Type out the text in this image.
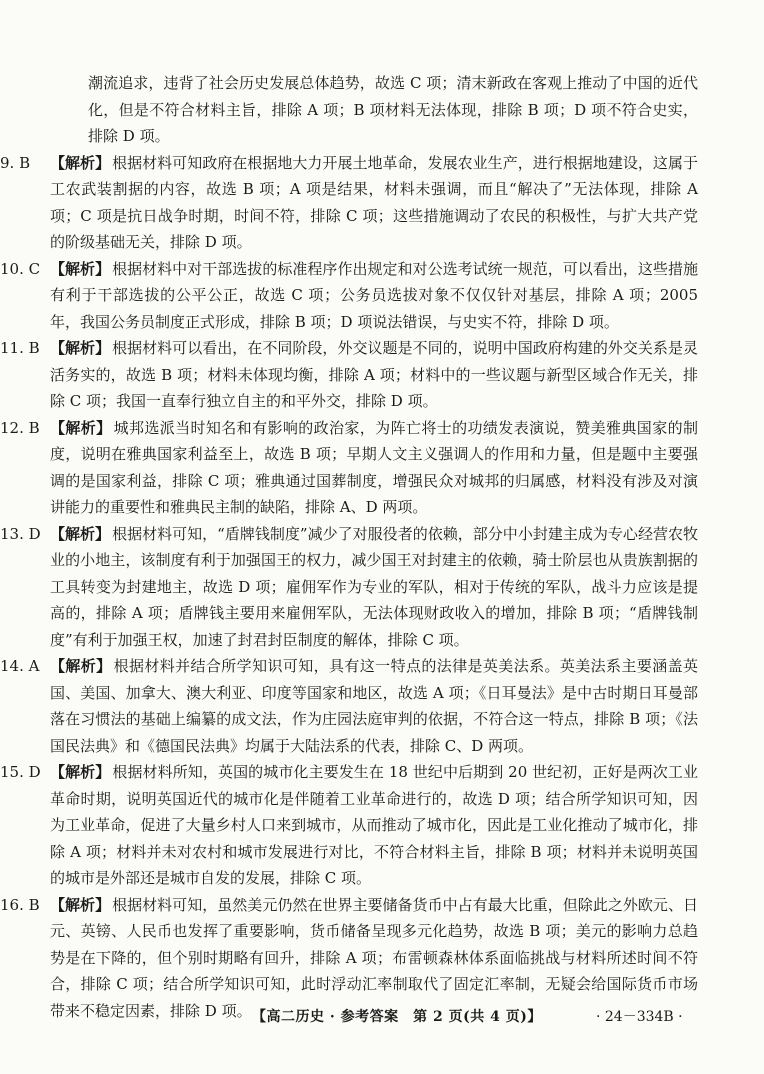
潮流追求，违背了社会历史发展总体趋势，故选 C 项；清末新政在客观上推动了中国的近代化，但是不符合材料主旨，排除 A 项；B 项材料无法体现，排除 B 项；D 项不符合史实，排除 D 项。

9. B	【解析】 根据材料可知政府在根据地大力开展土地革命，发展农业生产，进行根据地建设，这属于工农武装割据的内容，故选 B 项；A 项是结果，材料未强调，而且“解决了”无法体现，排除 A 项；C 项是抗日战争时期，时间不符，排除 C 项；这些措施调动了农民的积极性，与扩大共产党的阶级基础无关，排除 D 项。
10. C 【解析】 根据材料中对干部选拔的标准程序作出规定和对公选考试统一规范，可以看出，这些措施有利于干部选拔的公平公正，故选 C 项；公务员选拔对象不仅仅针对基层，排除 A 项；2005 年，我国公务员制度正式形成，排除 B 项；D 项说法错误，与史实不符，排除 D 项。
11. B 【解析】 根据材料可以看出，在不同阶段，外交议题是不同的，说明中国政府构建的外交关系是灵活务实的，故选 B 项；材料未体现均衡，排除 A 项；材料中的一些议题与新型区域合作无关，排除 C 项；我国一直奉行独立自主的和平外交，排除 D 项。
12. B 【解析】 城邦选派当时知名和有影响的政治家，为阵亡将士的功绩发表演说，赞美雅典国家的制度，说明在雅典国家利益至上，故选 B 项；早期人文主义强调人的作用和力量，但是题中主要强调的是国家利益，排除 C 项；雅典通过国葬制度，增强民众对城邦的归属感，材料没有涉及对演讲能力的重要性和雅典民主制的缺陷，排除 A、D 两项。
13. D 【解析】 根据材料可知，“盾牌钱制度”减少了对服役者的依赖，部分中小封建主成为专心经营农牧业的小地主，该制度有利于加强国王的权力，减少国王对封建主的依赖，骑士阶层也从贵族割据的工具转变为封建地主，故选 D 项；雇佣军作为专业的军队，相对于传统的军队，战斗力应该是提高的，排除 A 项；盾牌钱主要用来雇佣军队，无法体现财政收入的增加，排除 B 项；“盾牌钱制度”有利于加强王权，加速了封君封臣制度的解体，排除 C 项。
14. A 【解析】 根据材料并结合所学知识可知，具有这一特点的法律是英美法系。英美法系主要涵盖英国、美国、加拿大、澳大利亚、印度等国家和地区，故选 A 项；《日耳曼法》是中古时期日耳曼部落在习惯法的基础上编纂的成文法，作为庄园法庭审判的依据，不符合这一特点，排除 B 项；《法国民法典》和《德国民法典》均属于大陆法系的代表，排除 C、D 两项。
15. D 【解析】 根据材料所知，英国的城市化主要发生在 18 世纪中后期到 20 世纪初，正好是两次工业革命时期，说明英国近代的城市化是伴随着工业革命进行的，故选 D 项；结合所学知识可知，因为工业革命，促进了大量乡村人口来到城市，从而推动了城市化，因此是工业化推动了城市化，排除 A 项；材料并未对农村和城市发展进行对比，不符合材料主旨，排除 B 项；材料并未说明英国的城市是外部还是城市自发的发展，排除 C 项。
16. B 【解析】 根据材料可知，虽然美元仍然在世界主要储备货币中占有最大比重，但除此之外欧元、日元、英镑、人民币也发挥了重要影响，货币储备呈现多元化趋势，故选 B 项；美元的影响力总趋势是在下降的，但个别时期略有回升，排除 A 项；布雷顿森林体系面临挑战与材料所述时间不符合，排除 C 项；结合所学知识可知，此时浮动汇率制取代了固定汇率制，无疑会给国际货币市场带来不稳定因素，排除 D 项。 【高二历史 · 参考答案　第 2 页(共 4 页)】	· 24－334B ·
